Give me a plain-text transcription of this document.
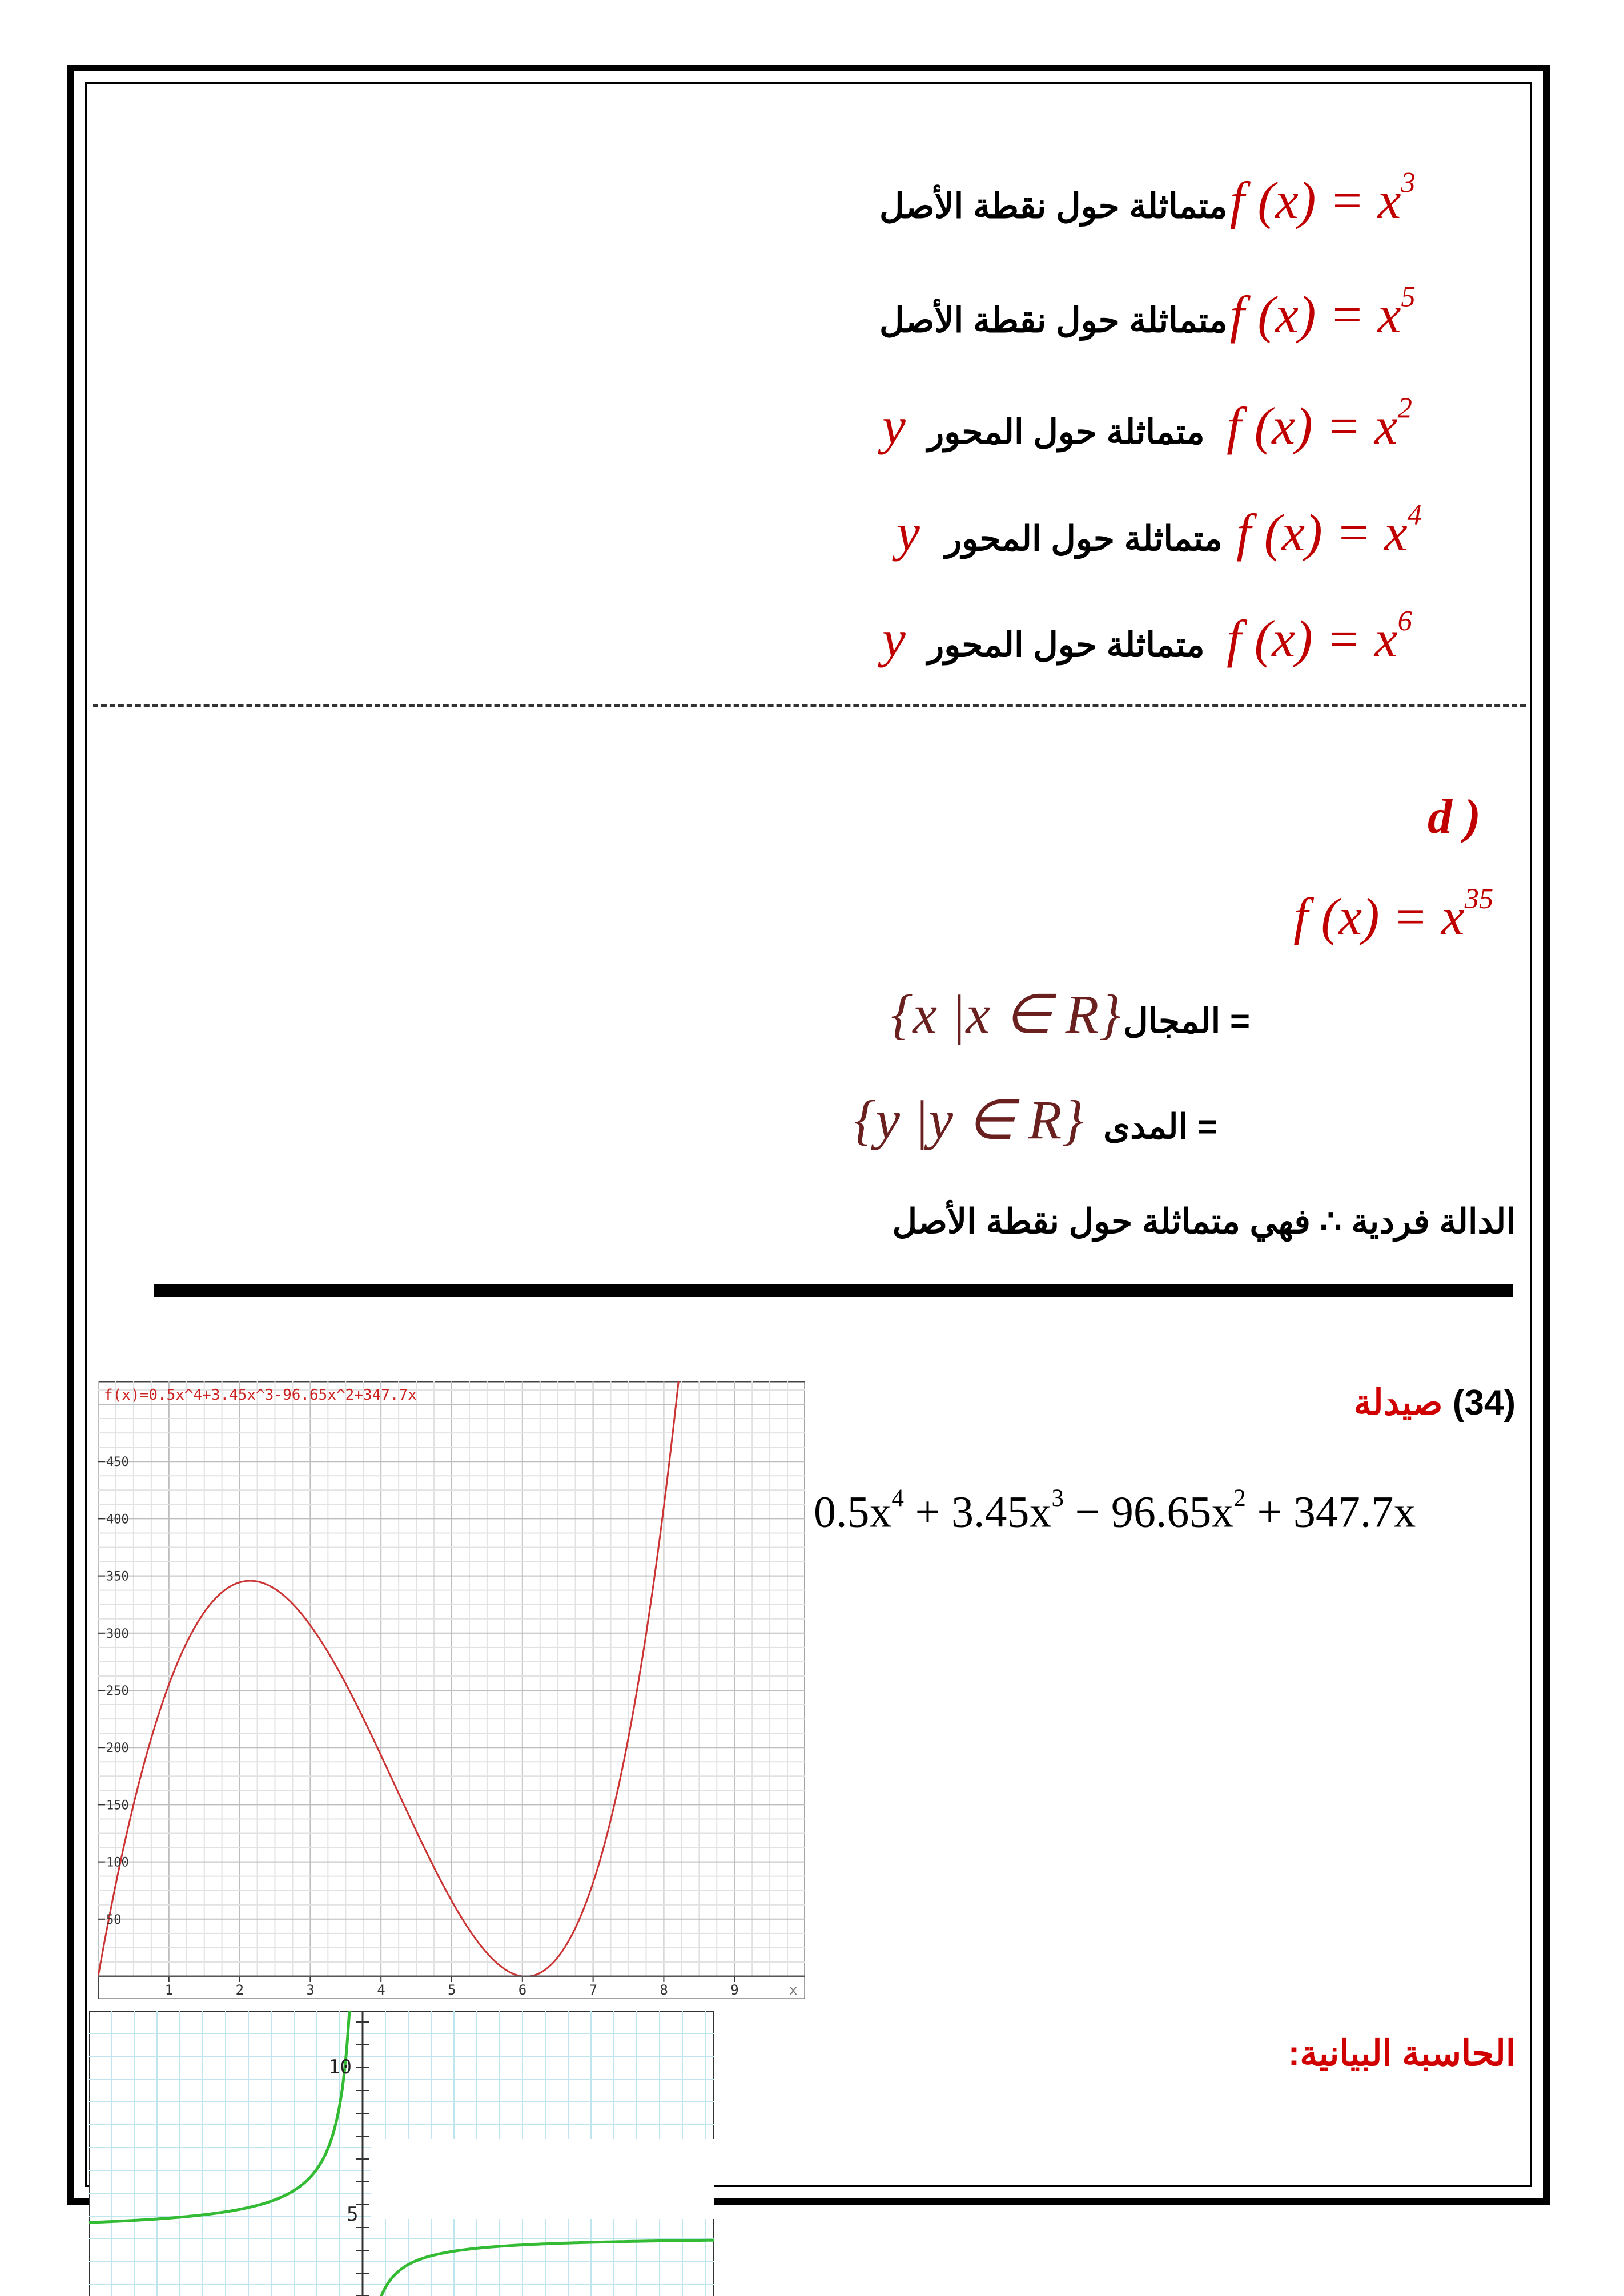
متماثلة حول نقطة الأصل f $(x) = x^3$
متماثلة حول نقطة الأصل f $(x) = x^5$
y متماثلة حول المحور f $(x) = x^2$
y متماثلة حول المحور f $(x) = x^4$
y متماثلة حول المحور f $(x) = x^6$
( d
f $(x) = x^{35}$
{x |x ∈ R} المجال =
{y |y ∈ R} المدى =
الدالة فردية ∴ فهي متماثلة حول نقطة الأصل
(34) صيدلة
$0.5x^4 + 3.45x^3 - 96.65x^2 + 347.7x$
الحاسبة البيانية:
1	2	3	4	5	6	7	8	9	x
50
100
150
200
250
300
350
400
450
f(x)=0.5x^4+3.45x^3-96.65x^2+347.7x
10
5
